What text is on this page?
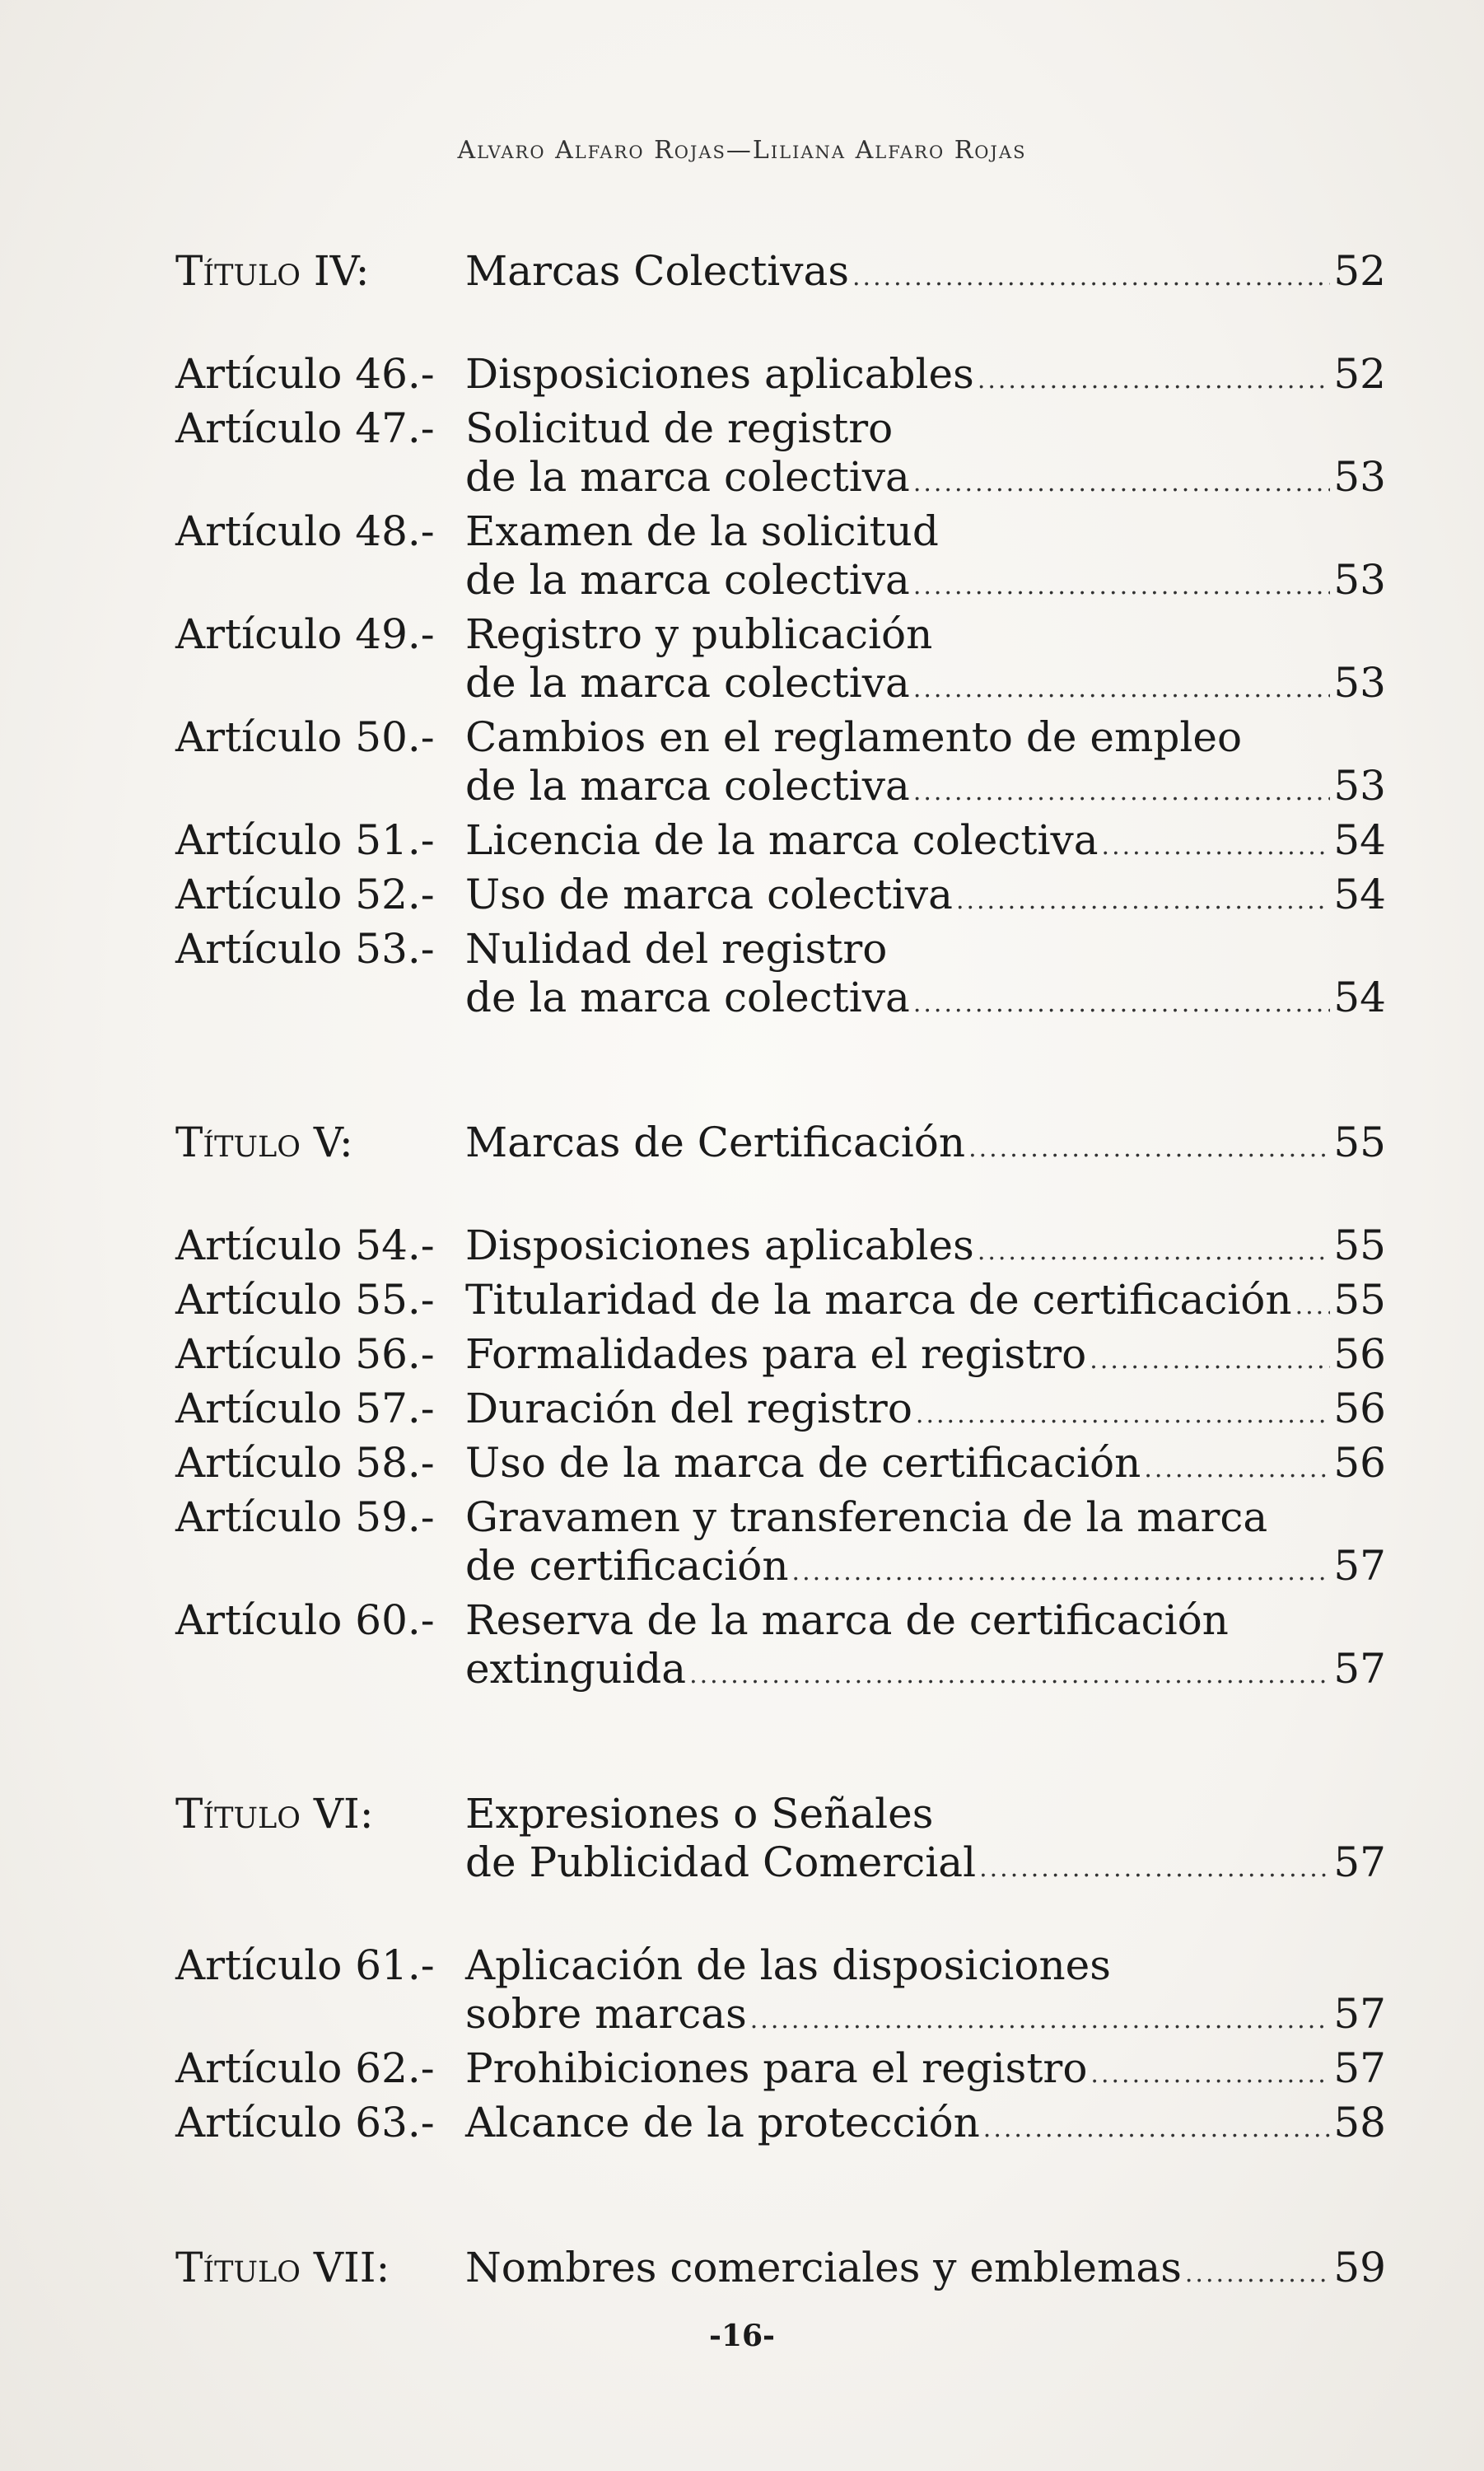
Alvaro Alfaro Rojas—Liliana Alfaro Rojas
Título IV:	Marcas Colectivas .....	52
Artículo 46.- Disposiciones aplicables .....	52
Artículo 47.- Solicitud de registro
de la marca colectiva .....	53
Artículo 48.- Examen de la solicitud
de la marca colectiva .....	53
Artículo 49.- Registro y publicación
de la marca colectiva .....	53
Artículo 50.- Cambios en el reglamento de empleo
de la marca colectiva .....	53
Artículo 51.- Licencia de la marca colectiva .....	54
Artículo 52.- Uso de marca colectiva .....	54
Artículo 53.- Nulidad del registro
de la marca colectiva .....	54
Título V:	Marcas de Certificación .....	55
Artículo 54.- Disposiciones aplicables .....	55
Artículo 55.- Titularidad de la marca de certificación ..... 55
Artículo 56.- Formalidades para el registro .....	56
Artículo 57.- Duración del registro .....	56
Artículo 58.- Uso de la marca de certificación .....	56
Artículo 59.- Gravamen y transferencia de la marca
de certificación .....	57
Artículo 60.- Reserva de la marca de certificación
extinguida .....	57
Título VI:	Expresiones o Señales
de Publicidad Comercial .....	57
Artículo 61.- Aplicación de las disposiciones
sobre marcas .....	57
Artículo 62.- Prohibiciones para el registro .....	57
Artículo 63.- Alcance de la protección .....	58
Título VII:	Nombres comerciales y emblemas .....	59
-16-
